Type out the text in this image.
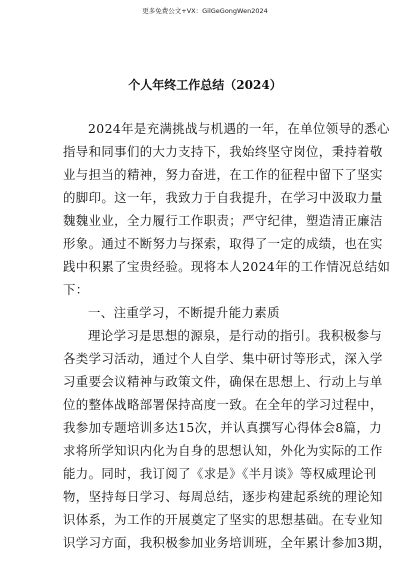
更多免费公文+VX：GilGeGongWen2024
个人年终工作总结（2024）
2024年是充满挑战与机遇的一年，在单位领导的悉心
指导和同事们的大力支持下，我始终坚守岗位，秉持着敬
业与担当的精神，努力奋进，在工作的征程中留下了坚实
的脚印。这一年，我致力于自我提升，在学习中汲取力量
魏魏业业，全力履行工作职责；严守纪律，塑造清正廉洁
形象。通过不断努力与探索，取得了一定的成绩，也在实
践中积累了宝贵经验。现将本人2024年的工作情况总结如
下：
一、注重学习，不断提升能力素质
理论学习是思想的源泉，是行动的指引。我积极参与
各类学习活动，通过个人自学、集中研讨等形式，深入学
习重要会议精神与政策文件，确保在思想上、行动上与单
位的整体战略部署保持高度一致。在全年的学习过程中，
我参加专题培训多达15次，并认真撰写心得体会8篇，力
求将所学知识内化为自身的思想认知，外化为实际的工作
能力。同时，我订阅了《求是》《半月谈》等权威理论刊
物，坚持每日学习、每周总结，逐步构建起系统的理论知
识体系，为工作的开展奠定了坚实的思想基础。在专业知
识学习方面，我积极参加业务培训班，全年累计参加3期，
